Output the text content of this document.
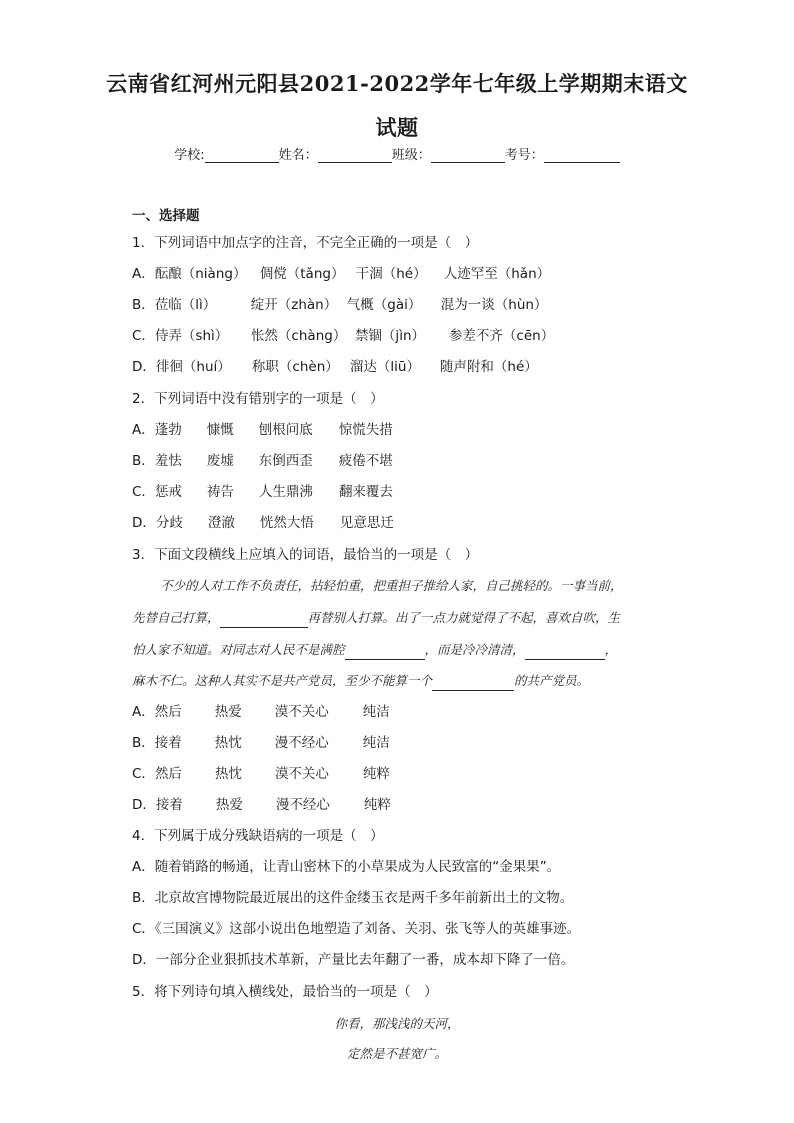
云南省红河州元阳县2021-2022学年七年级上学期期末语文
试题
学校:	姓名：	班级：	考号：
一、选择题
1．下列词语中加点字的注音，不完全正确的一项是（　）
A．酝酿（niàng） 倜傥（tǎng） 干涸（hé） 人迹罕至（hǎn）
B．莅临（lì）	绽开（zhàn） 气概（gài） 混为一谈（hùn）
C．侍弄（shì） 怅然（chàng） 禁锢（jìn） 参差不齐（cēn）
D．徘徊（huí） 称职（chèn） 溜达（liū） 随声附和（hé）
2．下列词语中没有错别字的一项是（　）
A．蓬勃 慷慨 刨根问底 惊慌失措
B．羞怯 废墟 东倒西歪 疲倦不堪
C．惩戒 祷告 人生鼎沸 翻来覆去
D．分歧 澄澈 恍然大悟 见意思迁
3．下面文段横线上应填入的词语，最恰当的一项是（　）
不少的人对工作不负责任，拈轻怕重，把重担子推给人家，自己挑轻的。一事当前，
先替自己打算，	再替别人打算。出了一点力就觉得了不起，喜欢自吹，生
怕人家不知道。对同志对人民不是满腔	，而是冷冷清清，	，
麻木不仁。这种人其实不是共产党员，至少不能算一个	的共产党员。
A．然后 热爱 漠不关心	纯洁
B．接着 热忱 漫不经心	纯洁
C．然后 热忱 漠不关心	纯粹
D．接着 热爱 漫不经心	纯粹
4．下列属于成分残缺语病的一项是（　）
A．随着销路的畅通，让青山密林下的小草果成为人民致富的“金果果”。
B．北京故宫博物院最近展出的这件金缕玉衣是两千多年前新出土的文物。
C．《三国演义》这部小说出色地塑造了刘备、关羽、张飞等人的英雄事迹。
D．一部分企业狠抓技术革新，产量比去年翻了一番，成本却下降了一倍。
5．将下列诗句填入横线处，最恰当的一项是（　）
你看，那浅浅的天河，
定然是不甚宽广。
